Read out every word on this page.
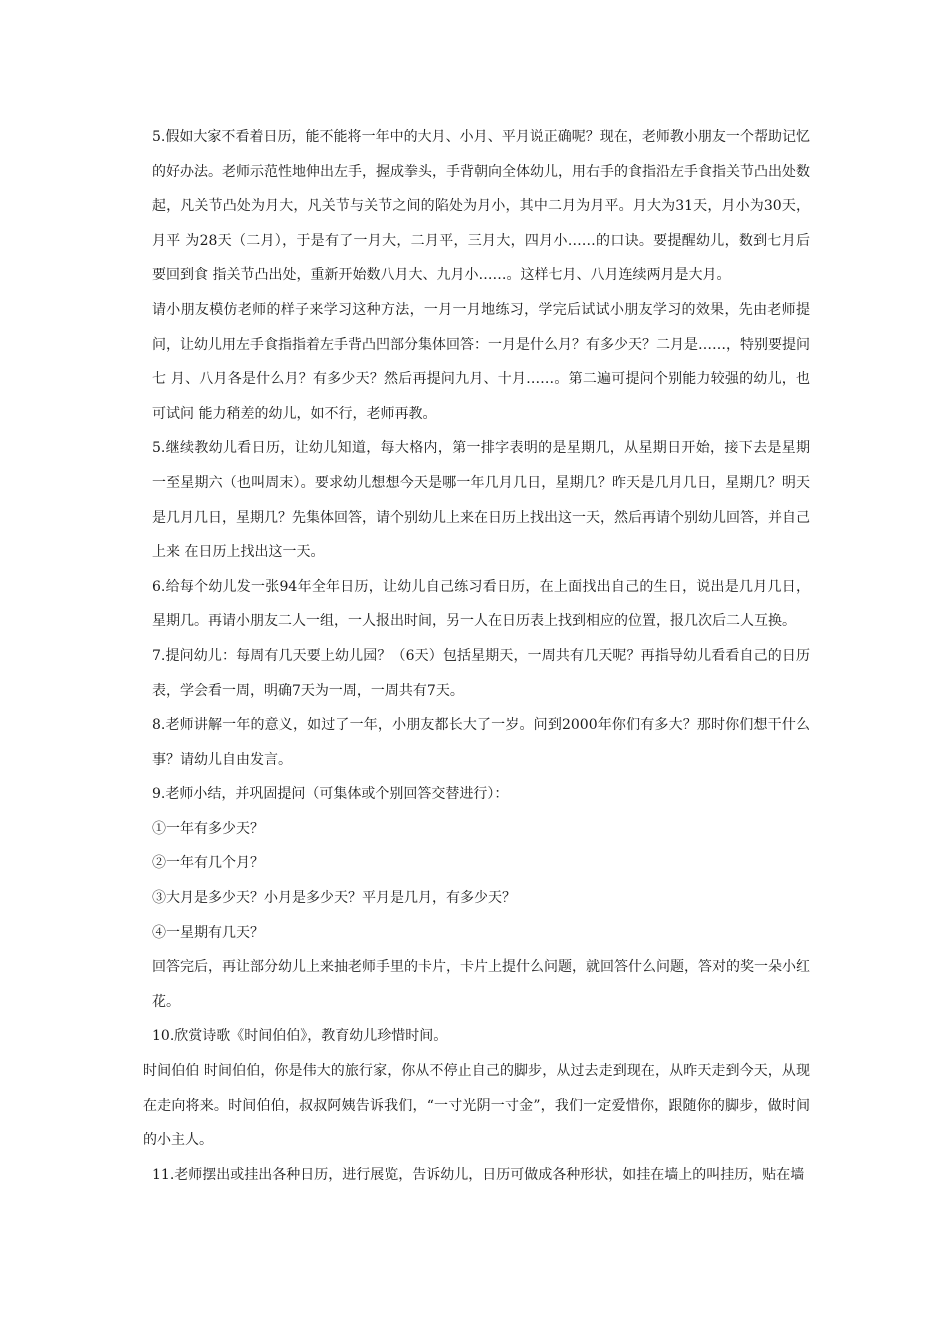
5.假如大家不看着日历，能不能将一年中的大月、小月、平月说正确呢？现在，老师教小朋友一个帮助记忆的好办法。老师示范性地伸出左手，握成拳头，手背朝向全体幼儿，用右手的食指沿左手食指关节凸出处数 起，凡关节凸处为月大，凡关节与关节之间的陷处为月小，其中二月为月平。月大为31天，月小为30天，月平 为28天（二月），于是有了一月大，二月平，三月大，四月小……的口诀。要提醒幼儿，数到七月后要回到食 指关节凸出处，重新开始数八月大、九月小……。这样七月、八月连续两月是大月。

请小朋友模仿老师的样子来学习这种方法，一月一月地练习，学完后试试小朋友学习的效果，先由老师提问，让幼儿用左手食指指着左手背凸凹部分集体回答：一月是什么月？有多少天？二月是……，特别要提问七 月、八月各是什么月？有多少天？然后再提问九月、十月……。第二遍可提问个别能力较强的幼儿，也可试问 能力稍差的幼儿，如不行，老师再教。

5.继续教幼儿看日历，让幼儿知道，每大格内，第一排字表明的是星期几，从星期日开始，接下去是星期 一至星期六（也叫周末）。要求幼儿想想今天是哪一年几月几日，星期几？昨天是几月几日，星期几？明天是几月几日，星期几？先集体回答，请个别幼儿上来在日历上找出这一天，然后再请个别幼儿回答，并自己上来 在日历上找出这一天。

6.给每个幼儿发一张94年全年日历，让幼儿自己练习看日历，在上面找出自己的生日，说出是几月几日，星期几。再请小朋友二人一组，一人报出时间，另一人在日历表上找到相应的位置，报几次后二人互换。

7.提问幼儿：每周有几天要上幼儿园？（6天）包括星期天，一周共有几天呢？再指导幼儿看看自己的日历表，学会看一周，明确7天为一周，一周共有7天。

8.老师讲解一年的意义，如过了一年，小朋友都长大了一岁。问到2000年你们有多大？那时你们想干什么 事？请幼儿自由发言。

9.老师小结，并巩固提问（可集体或个别回答交替进行）：

①一年有多少天？

②一年有几个月？

③大月是多少天？小月是多少天？平月是几月，有多少天？

④一星期有几天？

回答完后，再让部分幼儿上来抽老师手里的卡片，卡片上提什么问题，就回答什么问题，答对的奖一朵小红花。

10.欣赏诗歌《时间伯伯》，教育幼儿珍惜时间。

时间伯伯 时间伯伯，你是伟大的旅行家，你从不停止自己的脚步，从过去走到现在，从昨天走到今天，从现在走向将来。时间伯伯，叔叔阿姨告诉我们，“一寸光阴一寸金”，我们一定爱惜你，跟随你的脚步，做时间的小主人。

11.老师摆出或挂出各种日历，进行展览，告诉幼儿，日历可做成各种形状，如挂在墙上的叫挂历，贴在墙
